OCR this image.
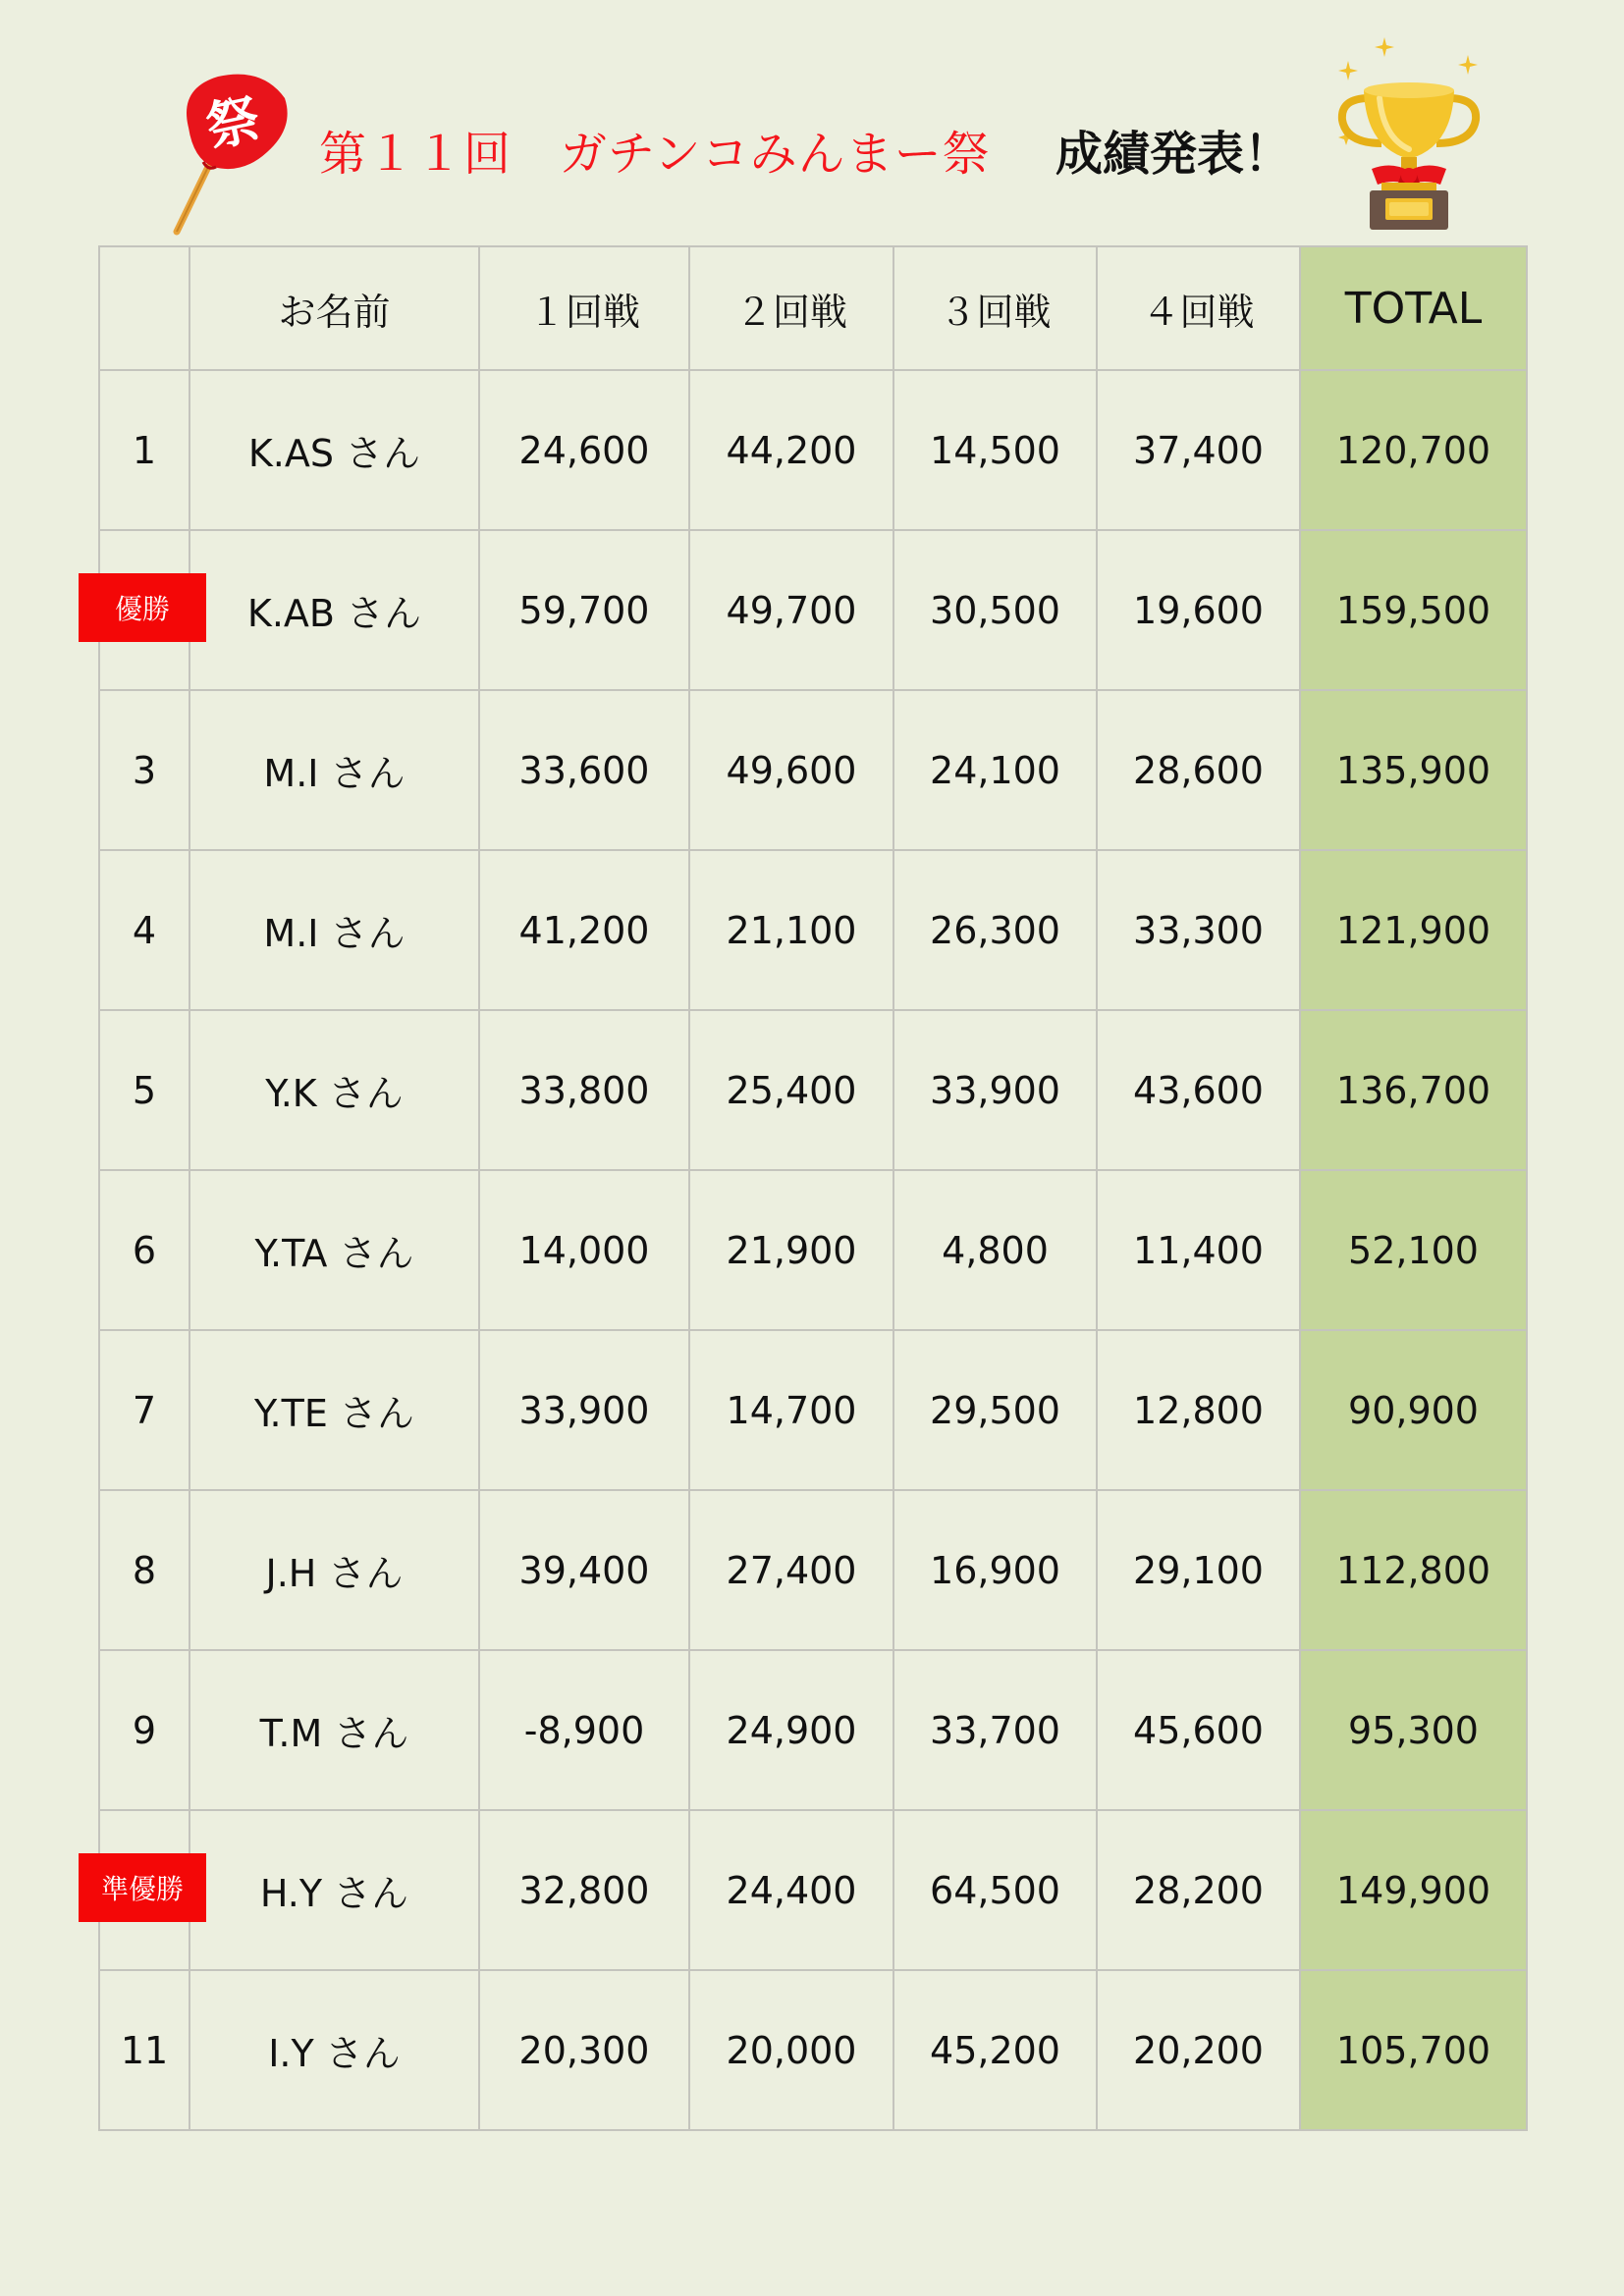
祭 第１１回　ガチンコみんまー祭 成績発表！
	お名前	１回戦	２回戦	３回戦	４回戦	TOTAL
1	K.AS さん	24,600	44,200	14,500	37,400	120,700
	K.AB さん	59,700	49,700	30,500	19,600	159,500
3	M.I さん	33,600	49,600	24,100	28,600	135,900
4	M.I さん	41,200	21,100	26,300	33,300	121,900
5	Y.K さん	33,800	25,400	33,900	43,600	136,700
6	Y.TA さん	14,000	21,900	4,800	11,400	52,100
7	Y.TE さん	33,900	14,700	29,500	12,800	90,900
8	J.H さん	39,400	27,400	16,900	29,100	112,800
9	T.M さん	-8,900	24,900	33,700	45,600	95,300
	H.Y さん	32,800	24,400	64,500	28,200	149,900
11	I.Y さん	20,300	20,000	45,200	20,200	105,700
優勝
準優勝
